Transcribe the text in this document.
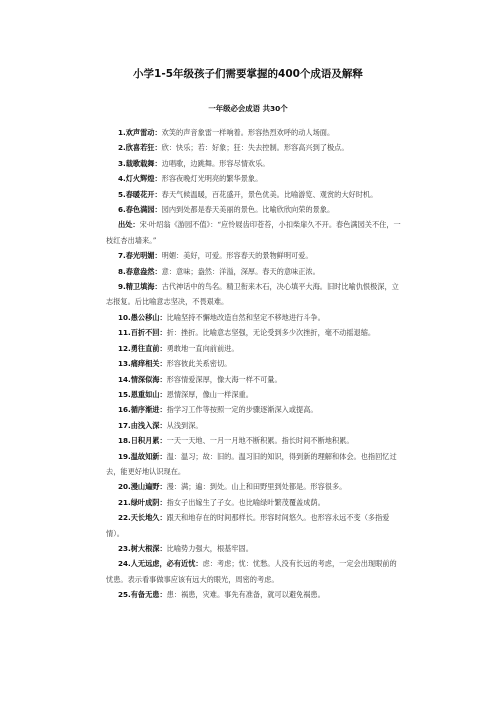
小学1-5年级孩子们需要掌握的400个成语及解释
一年级必会成语 共30个
1.欢声雷动：欢笑的声音象雷一样响着。形容热烈欢呼的动人场面。
2.欣喜若狂：欣：快乐；若：好象；狂：失去控制。形容高兴到了极点。
3.载歌载舞：边唱歌，边跳舞。形容尽情欢乐。
4.灯火辉煌：形容夜晚灯光明亮的繁华景象。
5.春暖花开：春天气候温暖，百花盛开，景色优美。比喻游览、观赏的大好时机。
6.春色满园：园内到处都是春天美丽的景色。比喻欣欣向荣的景象。
出处：宋·叶绍翁《游园不值》：“应怜屐齿印苍苔，小扣柴扉久不开。春色满园关不住，一枝红杏出墙来。”
7.春光明媚：明媚：美好，可爱。形容春天的景物鲜明可爱。
8.春意盎然：意：意味；盎然：洋溢，深厚。春天的意味正浓。
9.精卫填海：古代神话中的鸟名。精卫衔来木石，决心填平大海。旧时比喻仇恨极深，立志报复。后比喻意志坚决，不畏艰难。
10.愚公移山：比喻坚持不懈地改造自然和坚定不移地进行斗争。
11.百折不回：折：挫折。比喻意志坚强，无论受到多少次挫折，毫不动摇退缩。
12.勇往直前：勇敢地一直向前前进。
13.痛痒相关：形容彼此关系密切。
14.情深似海：形容情爱深厚，像大海一样不可量。
15.恩重如山：恩情深厚，像山一样深重。
16.循序渐进：指学习工作等按照一定的步骤逐渐深入或提高。
17.由浅入深：从浅到深。
18.日积月累：一天一天地、一月一月地不断积累。指长时间不断地积累。
19.温故知新：温：温习；故：旧的。温习旧的知识，得到新的理解和体会。也指回忆过去，能更好地认识现在。
20.漫山遍野：漫：满；遍：到处。山上和田野里到处都是。形容很多。
21.绿叶成阴：指女子出嫁生了子女。也比喻绿叶繁茂覆盖成荫。
22.天长地久：跟天和地存在的时间那样长。形容时间悠久。也形容永远不变（多指爱情）。
23.树大根深：比喻势力强大，根基牢固。
24.人无远虑，必有近忧：虑：考虑；忧：忧愁。人没有长远的考虑，一定会出现眼前的忧患。表示看事做事应该有远大的眼光，周密的考虑。
25.有备无患：患：祸患，灾难。事先有准备，就可以避免祸患。
